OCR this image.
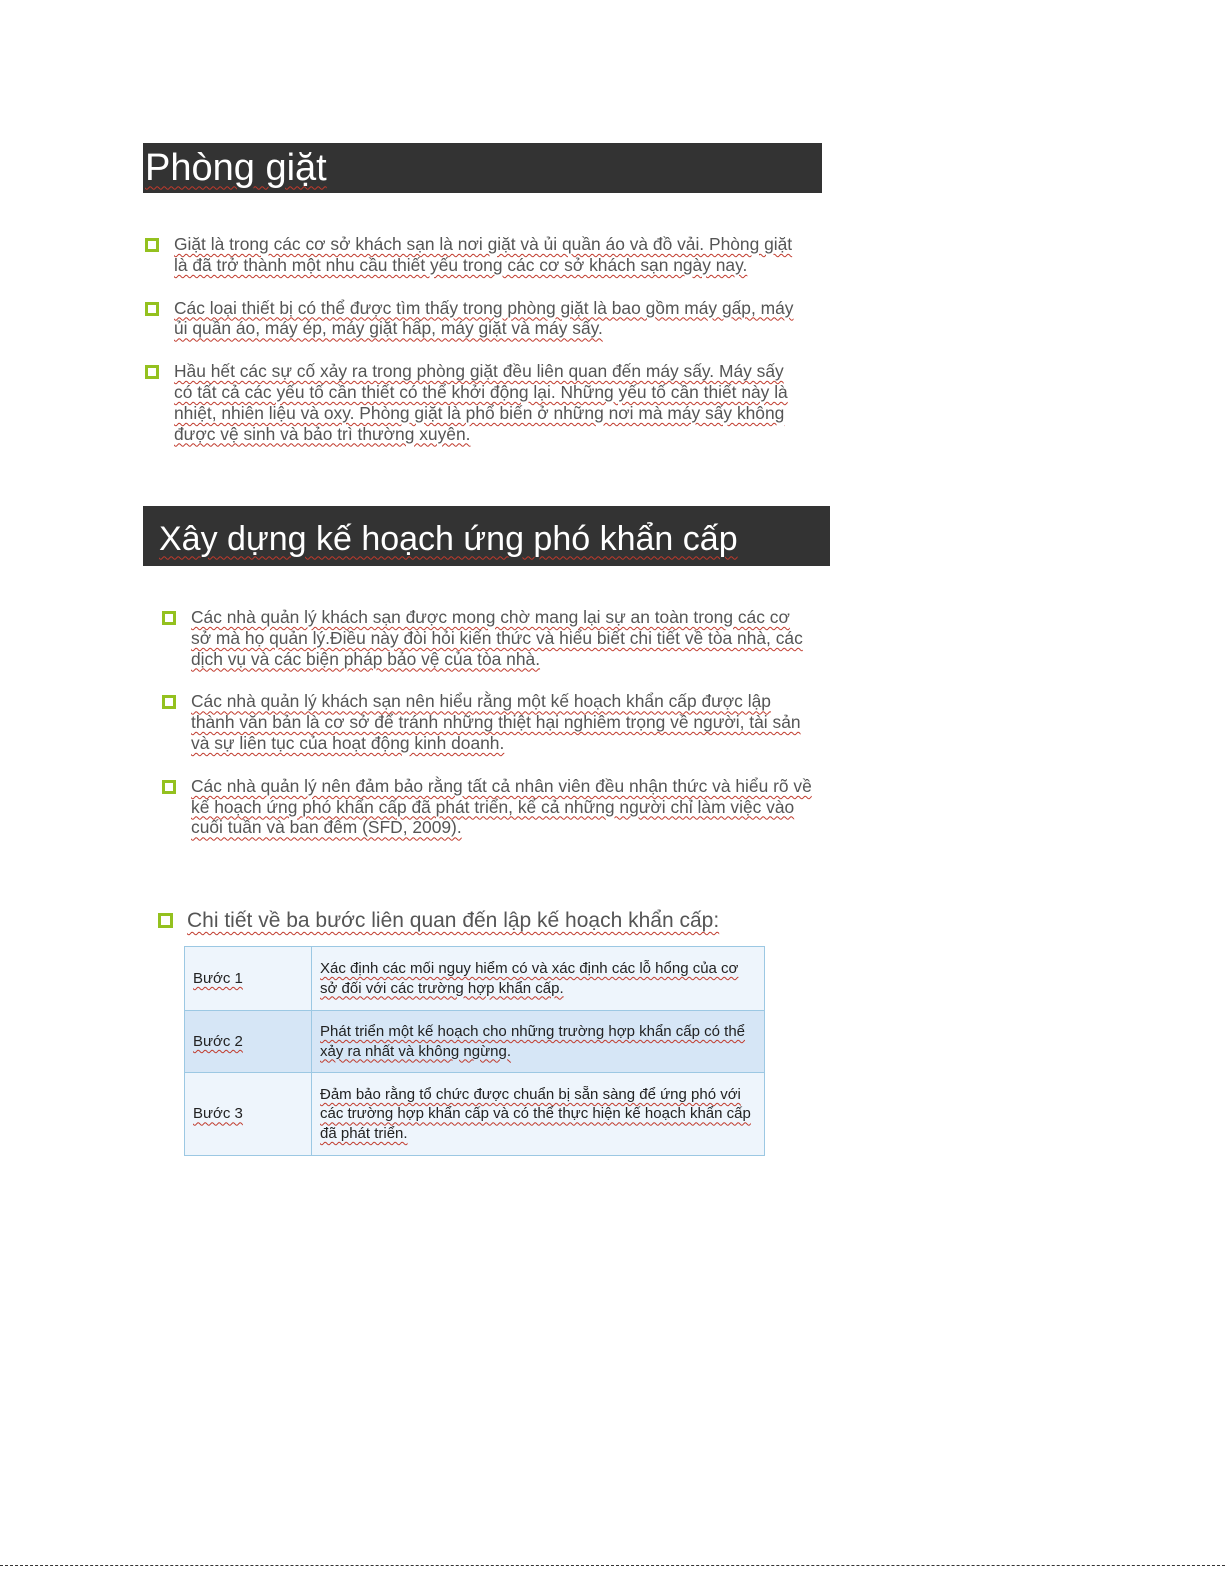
Phòng giặt
Giặt là trong các cơ sở khách sạn là nơi giặt và ủi quần áo và đồ vải. Phòng giặt là đã trở thành một nhu cầu thiết yếu trong các cơ sở khách sạn ngày nay.
Các loại thiết bị có thể được tìm thấy trong phòng giặt là bao gồm máy gấp, máy ủi quần áo, máy ép, máy giặt hấp, máy giặt và máy sấy.
Hầu hết các sự cố xảy ra trong phòng giặt đều liên quan đến máy sấy. Máy sấy có tất cả các yếu tố cần thiết có thể khởi động lại. Những yếu tố cần thiết này là nhiệt, nhiên liệu và oxy. Phòng giặt là phổ biến ở những nơi mà máy sấy không được vệ sinh và bảo trì thường xuyên.
Xây dựng kế hoạch ứng phó khẩn cấp
Các nhà quản lý khách sạn được mong chờ mang lại sự an toàn trong các cơ sở mà họ quản lý.Điều này đòi hỏi kiến thức và hiểu biết chi tiết về tòa nhà, các dịch vụ và các biện pháp bảo vệ của tòa nhà.
Các nhà quản lý khách sạn nên hiểu rằng một kế hoạch khẩn cấp được lập thành văn bản là cơ sở để tránh những thiệt hại nghiêm trọng về người, tài sản và sự liên tục của hoạt động kinh doanh.
Các nhà quản lý nên đảm bảo rằng tất cả nhân viên đều nhận thức và hiểu rõ về kế hoạch ứng phó khẩn cấp đã phát triển, kể cả những người chỉ làm việc vào cuối tuần và ban đêm (SFD, 2009).
Chi tiết về ba bước liên quan đến lập kế hoạch khẩn cấp:
Bước 1	Xác định các mối nguy hiểm có và xác định các lỗ hổng của cơ sở đối với các trường hợp khẩn cấp.
Bước 2	Phát triển một kế hoạch cho những trường hợp khẩn cấp có thể xảy ra nhất và không ngừng.
Bước 3	Đảm bảo rằng tổ chức được chuẩn bị sẵn sàng để ứng phó với các trường hợp khẩn cấp và có thể thực hiện kế hoạch khẩn cấp đã phát triển.
